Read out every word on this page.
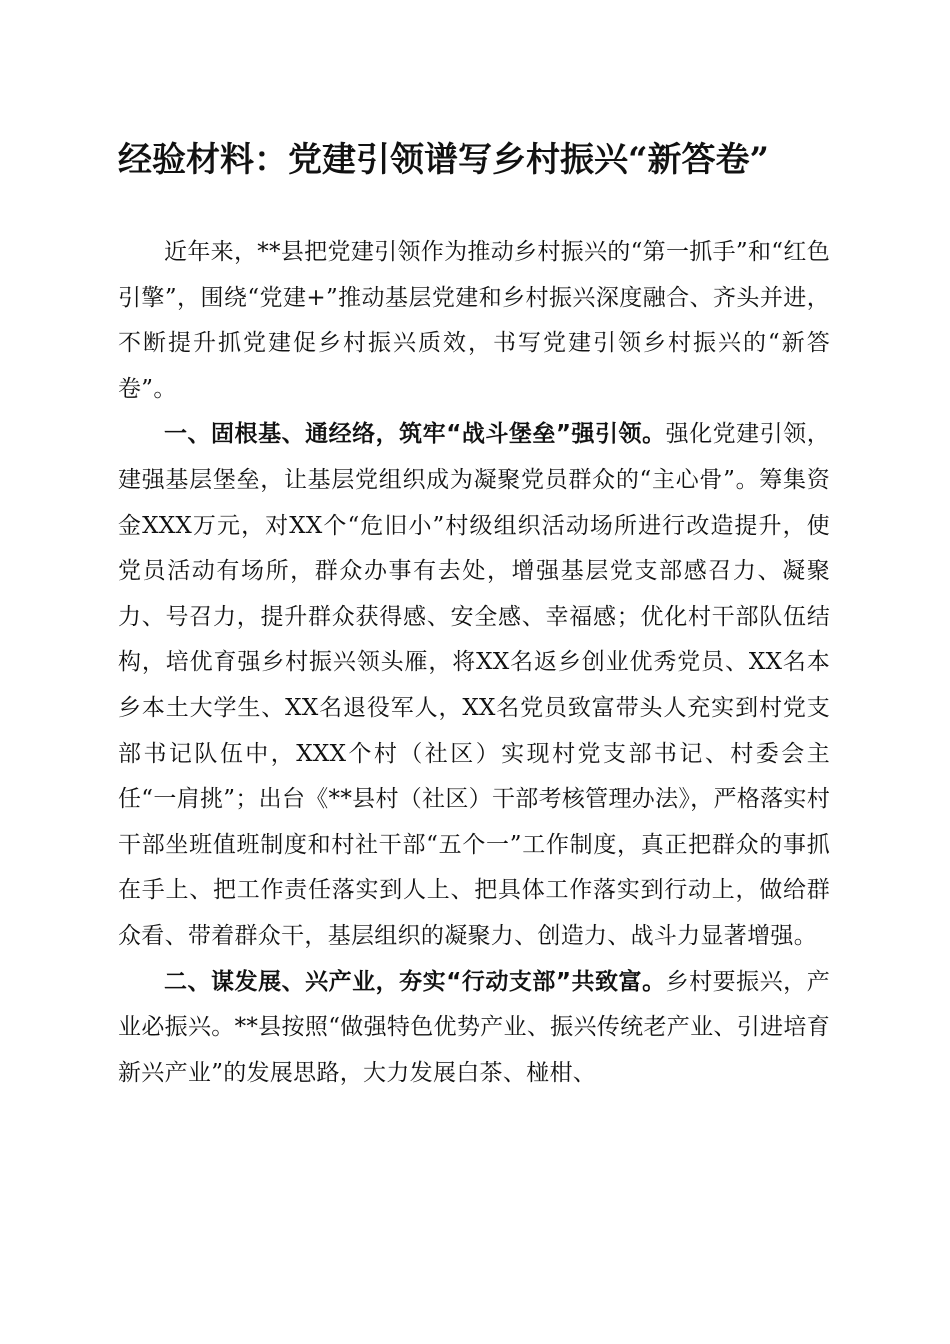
经验材料：党建引领谱写乡村振兴“新答卷”

近年来，**县把党建引领作为推动乡村振兴的“第一抓手”和“红色引擎”，围绕“党建+”推动基层党建和乡村振兴深度融合、齐头并进，不断提升抓党建促乡村振兴质效，书写党建引领乡村振兴的“新答卷”。

一、固根基、通经络，筑牢“战斗堡垒”强引领。强化党建引领，建强基层堡垒，让基层党组织成为凝聚党员群众的“主心骨”。筹集资金XXX万元，对XX个“危旧小”村级组织活动场所进行改造提升，使党员活动有场所，群众办事有去处，增强基层党支部感召力、凝聚力、号召力，提升群众获得感、安全感、幸福感；优化村干部队伍结构，培优育强乡村振兴领头雁，将XX名返乡创业优秀党员、XX名本乡本土大学生、XX名退役军人，XX名党员致富带头人充实到村党支部书记队伍中，XXX个村（社区）实现村党支部书记、村委会主任“一肩挑”；出台《**县村（社区）干部考核管理办法》，严格落实村干部坐班值班制度和村社干部“五个一”工作制度，真正把群众的事抓在手上、把工作责任落实到人上、把具体工作落实到行动上，做给群众看、带着群众干，基层组织的凝聚力、创造力、战斗力显著增强。

二、谋发展、兴产业，夯实“行动支部”共致富。乡村要振兴，产业必振兴。**县按照“做强特色优势产业、振兴传统老产业、引进培育新兴产业”的发展思路，大力发展白茶、椪柑、
